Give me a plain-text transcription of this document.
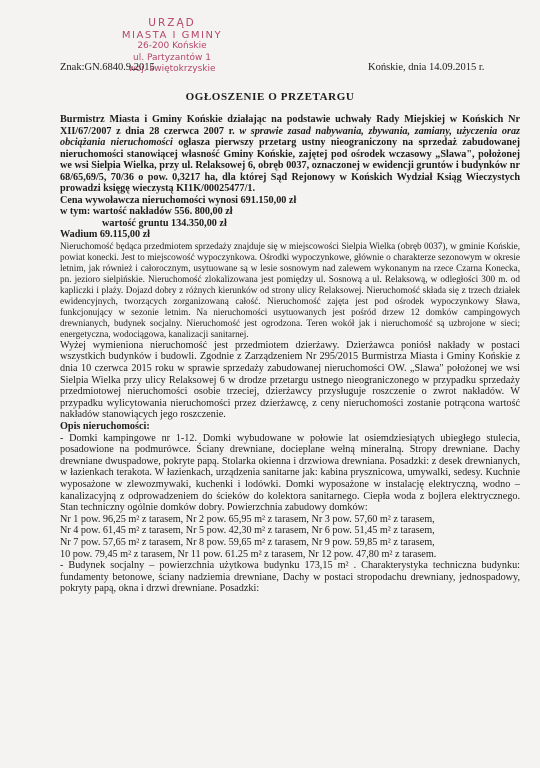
URZĄD
MIASTA I GMINY
26-200 Końskie
ul. Partyzantów 1
woj. świętokrzyskie
Znak:GN.6840.9.2015	Końskie, dnia 14.09.2015 r.
OGŁOSZENIE O PRZETARGU

Burmistrz Miasta i Gminy Końskie działając na podstawie uchwały Rady Miejskiej w Końskich Nr XII/67/2007 z dnia 28 czerwca 2007 r. w sprawie zasad nabywania, zbywania, zamiany, użyczenia oraz obciążania nieruchomości ogłasza pierwszy przetarg ustny nieograniczony na sprzedaż zabudowanej nieruchomości stanowiącej własność Gminy Końskie, zajętej pod ośrodek wczasowy „Slawa", położonej we wsi Sielpia Wielka, przy ul. Relaksowej 6, obręb 0037, oznaczonej w ewidencji gruntów i budynków nr 68/65,69/5, 70/36 o pow. 0,3217 ha, dla której Sąd Rejonowy w Końskich Wydział Ksiąg Wieczystych prowadzi księgę wieczystą KI1K/00025477/1.

Cena wywoławcza nieruchomości wynosi 691.150,00 zł

w tym: wartość nakładów 556. 800,00 zł

wartość gruntu 134.350,00 zł

Wadium 69.115,00 zł

Nieruchomość będąca przedmiotem sprzedaży znajduje się w miejscowości Sielpia Wielka (obręb 0037), w gminie Końskie, powiat konecki. Jest to miejscowość wypoczynkowa. Ośrodki wypoczynkowe, głównie o charakterze sezonowym w okresie letnim, jak również i całorocznym, usytuowane są w lesie sosnowym nad zalewem wykonanym na rzece Czarna Konecka, pn. jezioro sielpińskie. Nieruchomość zlokalizowana jest pomiędzy ul. Sosnową a ul. Relaksową, w odległości 300 m. od kapliczki i plaży. Dojazd dobry z różnych kierunków od strony ulicy Relaksowej. Nieruchomość składa się z trzech działek ewidencyjnych, tworzących zorganizowaną całość. Nieruchomość zajęta jest pod ośrodek wypoczynkowy Sława, funkcjonujący w sezonie letnim. Na nieruchomości usytuowanych jest pośród drzew 12 domków campingowych drewnianych, budynek socjalny. Nieruchomość jest ogrodzona. Teren wokół jak i nieruchomość są uzbrojone w sieci; energetyczna, wodociągowa, kanalizacji sanitarnej.

Wyżej wymieniona nieruchomość jest przedmiotem dzierżawy. Dzierżawca poniósł nakłady w postaci wszystkich budynków i budowli. Zgodnie z Zarządzeniem Nr 295/2015 Burmistrza Miasta i Gminy Końskie z dnia 10 czerwca 2015 roku w sprawie sprzedaży zabudowanej nieruchomości OW. „Slawa" położonej we wsi Sielpia Wielka przy ulicy Relaksowej 6 w drodze przetargu ustnego nieograniczonego w przypadku sprzedaży przedmiotowej nieruchomości osobie trzeciej, dzierżawcy przysługuje roszczenie o zwrot nakładów. W przypadku wylicytowania nieruchomości przez dzierżawcę, z ceny nieruchomości zostanie potrącona wartość nakładów stanowiących jego roszczenie.

Opis nieruchomości:

- Domki kampingowe nr 1-12. Domki wybudowane w połowie lat osiemdziesiątych ubiegłego stulecia, posadowione na podmurówce. Ściany drewniane, docieplane wełną mineralną. Stropy drewniane. Dachy drewniane dwuspadowe, pokryte papą. Stolarka okienna i drzwiowa drewniana. Posadzki: z desek drewnianych, w łazienkach terakota. W łazienkach, urządzenia sanitarne jak: kabina prysznicowa, umywalki, sedesy. Kuchnie wyposażone w zlewozmywaki, kuchenki i lodówki. Domki wyposażone w instalację elektryczną, wodno – kanalizacyjną z odprowadzeniem do ścieków do kolektora sanitarnego. Ciepła woda z bojlera elektrycznego. Stan techniczny ogólnie domków dobry. Powierzchnia zabudowy domków:

Nr 1 pow. 96,25 m² z tarasem, Nr 2 pow. 65,95 m² z tarasem, Nr 3 pow. 57,60 m² z tarasem,

Nr 4 pow. 61,45 m² z tarasem, Nr 5 pow. 42,30 m² z tarasem, Nr 6 pow. 51,45 m² z tarasem,

Nr 7 pow. 57,65 m² z tarasem, Nr 8 pow. 59,65 m² z tarasem, Nr 9 pow. 59,85 m² z tarasem,

10 pow. 79,45 m² z tarasem, Nr 11 pow. 61.25 m² z tarasem, Nr 12 pow. 47,80 m² z tarasem.

- Budynek socjalny – powierzchnia użytkowa budynku 173,15 m² . Charakterystyka techniczna budynku: fundamenty betonowe, ściany nadziemia drewniane, Dachy w postaci stropodachu drewniany, jednospadowy, pokryty papą, okna i drzwi drewniane. Posadzki:
